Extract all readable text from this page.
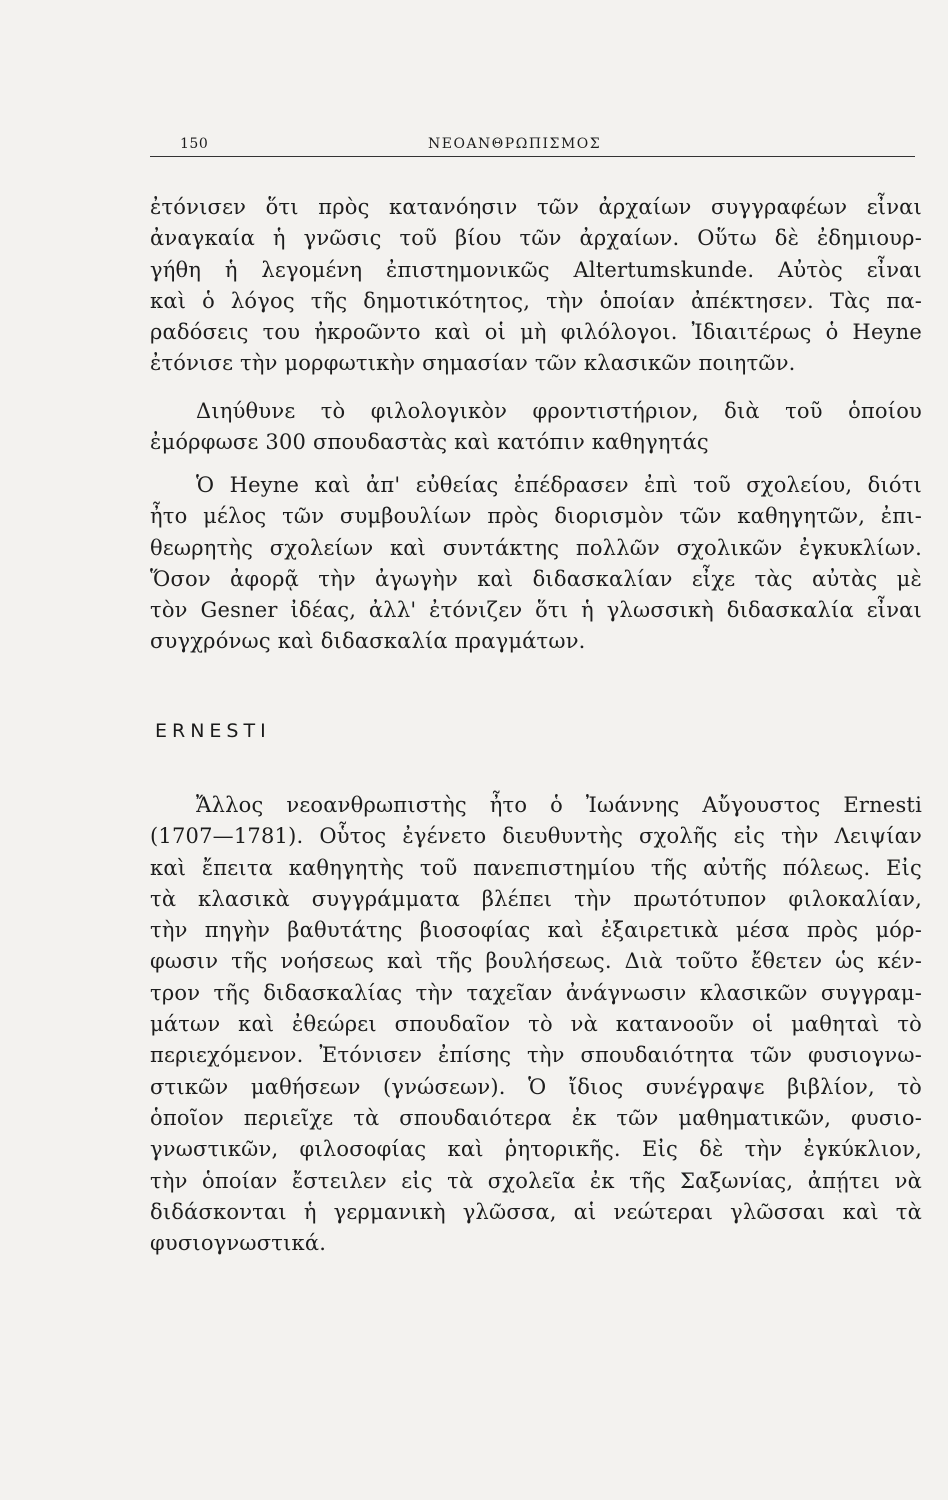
150	ΝΕΟΑΝΘΡΩΠΙΣΜΟΣ
ἐτόνισεν ὅτι πρὸς κατανόησιν τῶν ἀρχαίων συγγραφέων εἶναι
ἀναγκαία ἡ γνῶσις τοῦ βίου τῶν ἀρχαίων. Οὕτω δὲ ἐδημιουρ-
γήθη ἡ λεγομένη ἐπιστημονικῶς Altertumskunde. Αὐτὸς εἶναι
καὶ ὁ λόγος τῆς δημοτικότητος, τὴν ὁποίαν ἀπέκτησεν. Τὰς πα-
ραδόσεις του ἠκροῶντο καὶ οἱ μὴ φιλόλογοι. Ἰδιαιτέρως ὁ Heyne
ἐτόνισε τὴν μορφωτικὴν σημασίαν τῶν κλασικῶν ποιητῶν.
Διηύθυνε τὸ φιλολογικὸν φροντιστήριον, διὰ τοῦ ὁποίου
ἐμόρφωσε 300 σπουδαστὰς καὶ κατόπιν καθηγητάς
Ὁ Heyne καὶ ἀπ' εὐθείας ἐπέδρασεν ἐπὶ τοῦ σχολείου, διότι
ἦτο μέλος τῶν συμβουλίων πρὸς διορισμὸν τῶν καθηγητῶν, ἐπι-
θεωρητὴς σχολείων καὶ συντάκτης πολλῶν σχολικῶν ἐγκυκλίων.
Ὅσον ἀφορᾷ τὴν ἀγωγὴν καὶ διδασκαλίαν εἶχε τὰς αὐτὰς μὲ
τὸν Gesner ἰδέας, ἀλλ' ἐτόνιζεν ὅτι ἡ γλωσσικὴ διδασκαλία εἶναι
συγχρόνως καὶ διδασκαλία πραγμάτων.
ERNESTI
Ἄλλος νεοανθρωπιστὴς ἦτο ὁ Ἰωάννης Αὔγουστος Ernesti
(1707—1781). Οὗτος ἐγένετο διευθυντὴς σχολῆς εἰς τὴν Λειψίαν
καὶ ἔπειτα καθηγητὴς τοῦ πανεπιστημίου τῆς αὐτῆς πόλεως. Εἰς
τὰ κλασικὰ συγγράμματα βλέπει τὴν πρωτότυπον φιλοκαλίαν,
τὴν πηγὴν βαθυτάτης βιοσοφίας καὶ ἐξαιρετικὰ μέσα πρὸς μόρ-
φωσιν τῆς νοήσεως καὶ τῆς βουλήσεως. Διὰ τοῦτο ἔθετεν ὡς κέν-
τρον τῆς διδασκαλίας τὴν ταχεῖαν ἀνάγνωσιν κλασικῶν συγγραμ-
μάτων καὶ ἐθεώρει σπουδαῖον τὸ νὰ κατανοοῦν οἱ μαθηταὶ τὸ
περιεχόμενον. Ἐτόνισεν ἐπίσης τὴν σπουδαιότητα τῶν φυσιογνω-
στικῶν μαθήσεων (γνώσεων). Ὁ ἴδιος συνέγραψε βιβλίον, τὸ
ὁποῖον περιεῖχε τὰ σπουδαιότερα ἐκ τῶν μαθηματικῶν, φυσιο-
γνωστικῶν, φιλοσοφίας καὶ ῥητορικῆς. Εἰς δὲ τὴν ἐγκύκλιον,
τὴν ὁποίαν ἔστειλεν εἰς τὰ σχολεῖα ἐκ τῆς Σαξωνίας, ἀπῄτει νὰ
διδάσκονται ἡ γερμανικὴ γλῶσσα, αἱ νεώτεραι γλῶσσαι καὶ τὰ
φυσιογνωστικά.
